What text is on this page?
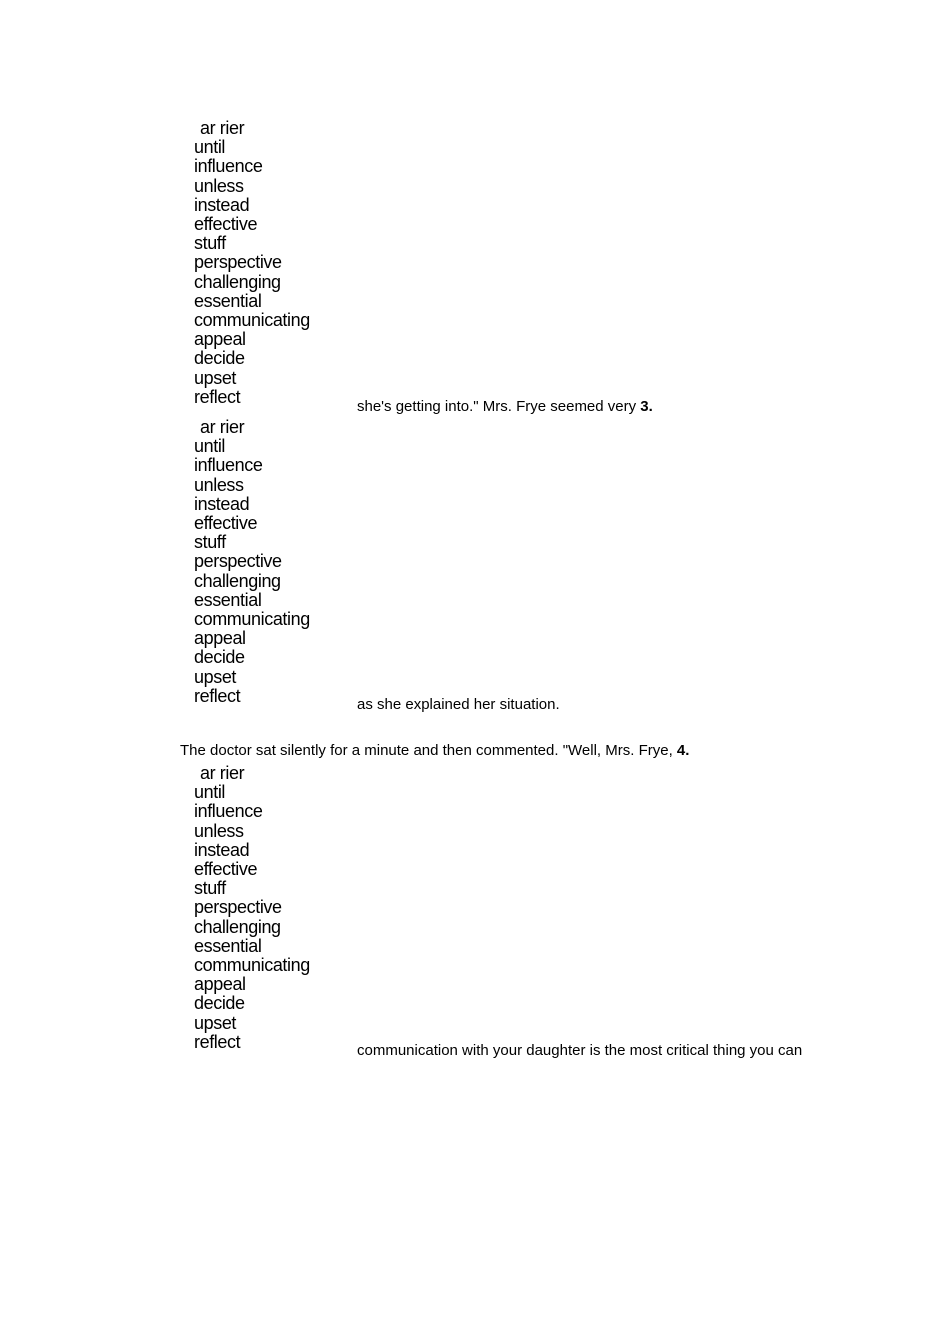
ar rier
until
influence
unless
instead
effective
stuff
perspective
challenging
essential
communicating
appeal
decide
upset
reflect	she's getting into." Mrs. Frye seemed very 3.
ar rier
until
influence
unless
instead
effective
stuff
perspective
challenging
essential
communicating
appeal
decide
upset
reflect	as she explained her situation.
The doctor sat silently for a minute and then commented. "Well, Mrs. Frye, 4.
ar rier
until
influence
unless
instead
effective
stuff
perspective
challenging
essential
communicating
appeal
decide
upset
reflect	communication with your daughter is the most critical thing you can
